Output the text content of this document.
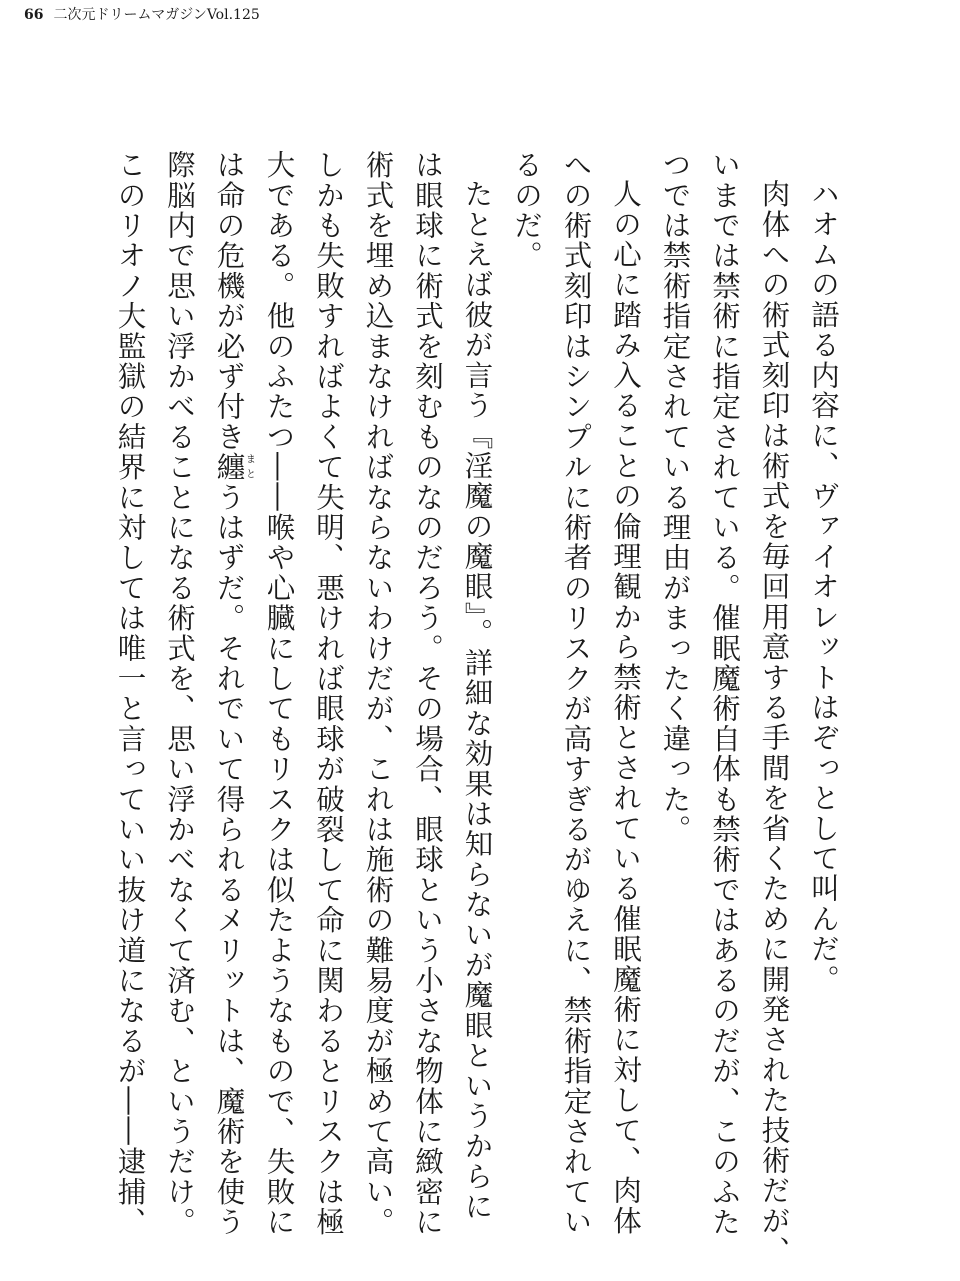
66 二次元ドリームマガジンVol.125

ハオムの語る内容に、ヴァイオレットはぞっとして叫んだ。

肉体への術式刻印は術式を毎回用意する手間を省くために開発された技術だが、

いまでは禁術に指定されている。催眠魔術自体も禁術ではあるのだが、このふた

つでは禁術指定されている理由がまったく違った。

人の心に踏み入ることの倫理観から禁術とされている催眠魔術に対して、肉体

への術式刻印はシンプルに術者のリスクが高すぎるがゆえに、禁術指定されてい

るのだ。

たとえば彼が言う『淫魔の魔眼』。詳細な効果は知らないが魔眼というからに

は眼球に術式を刻むものなのだろう。その場合、眼球という小さな物体に緻密に

術式を埋め込まなければならないわけだが、これは施術の難易度が極めて高い。

しかも失敗すればよくて失明、悪ければ眼球が破裂して命に関わるとリスクは極

大である。他のふたつ――喉や心臓にしてもリスクは似たようなもので、失敗に

は命の危機が必ず付き纏まとうはずだ。それでいて得られるメリットは、魔術を使う

際脳内で思い浮かべることになる術式を、思い浮かべなくて済む、というだけ。

このリオノ大監獄の結界に対しては唯一と言っていい抜け道になるが――逮捕、
